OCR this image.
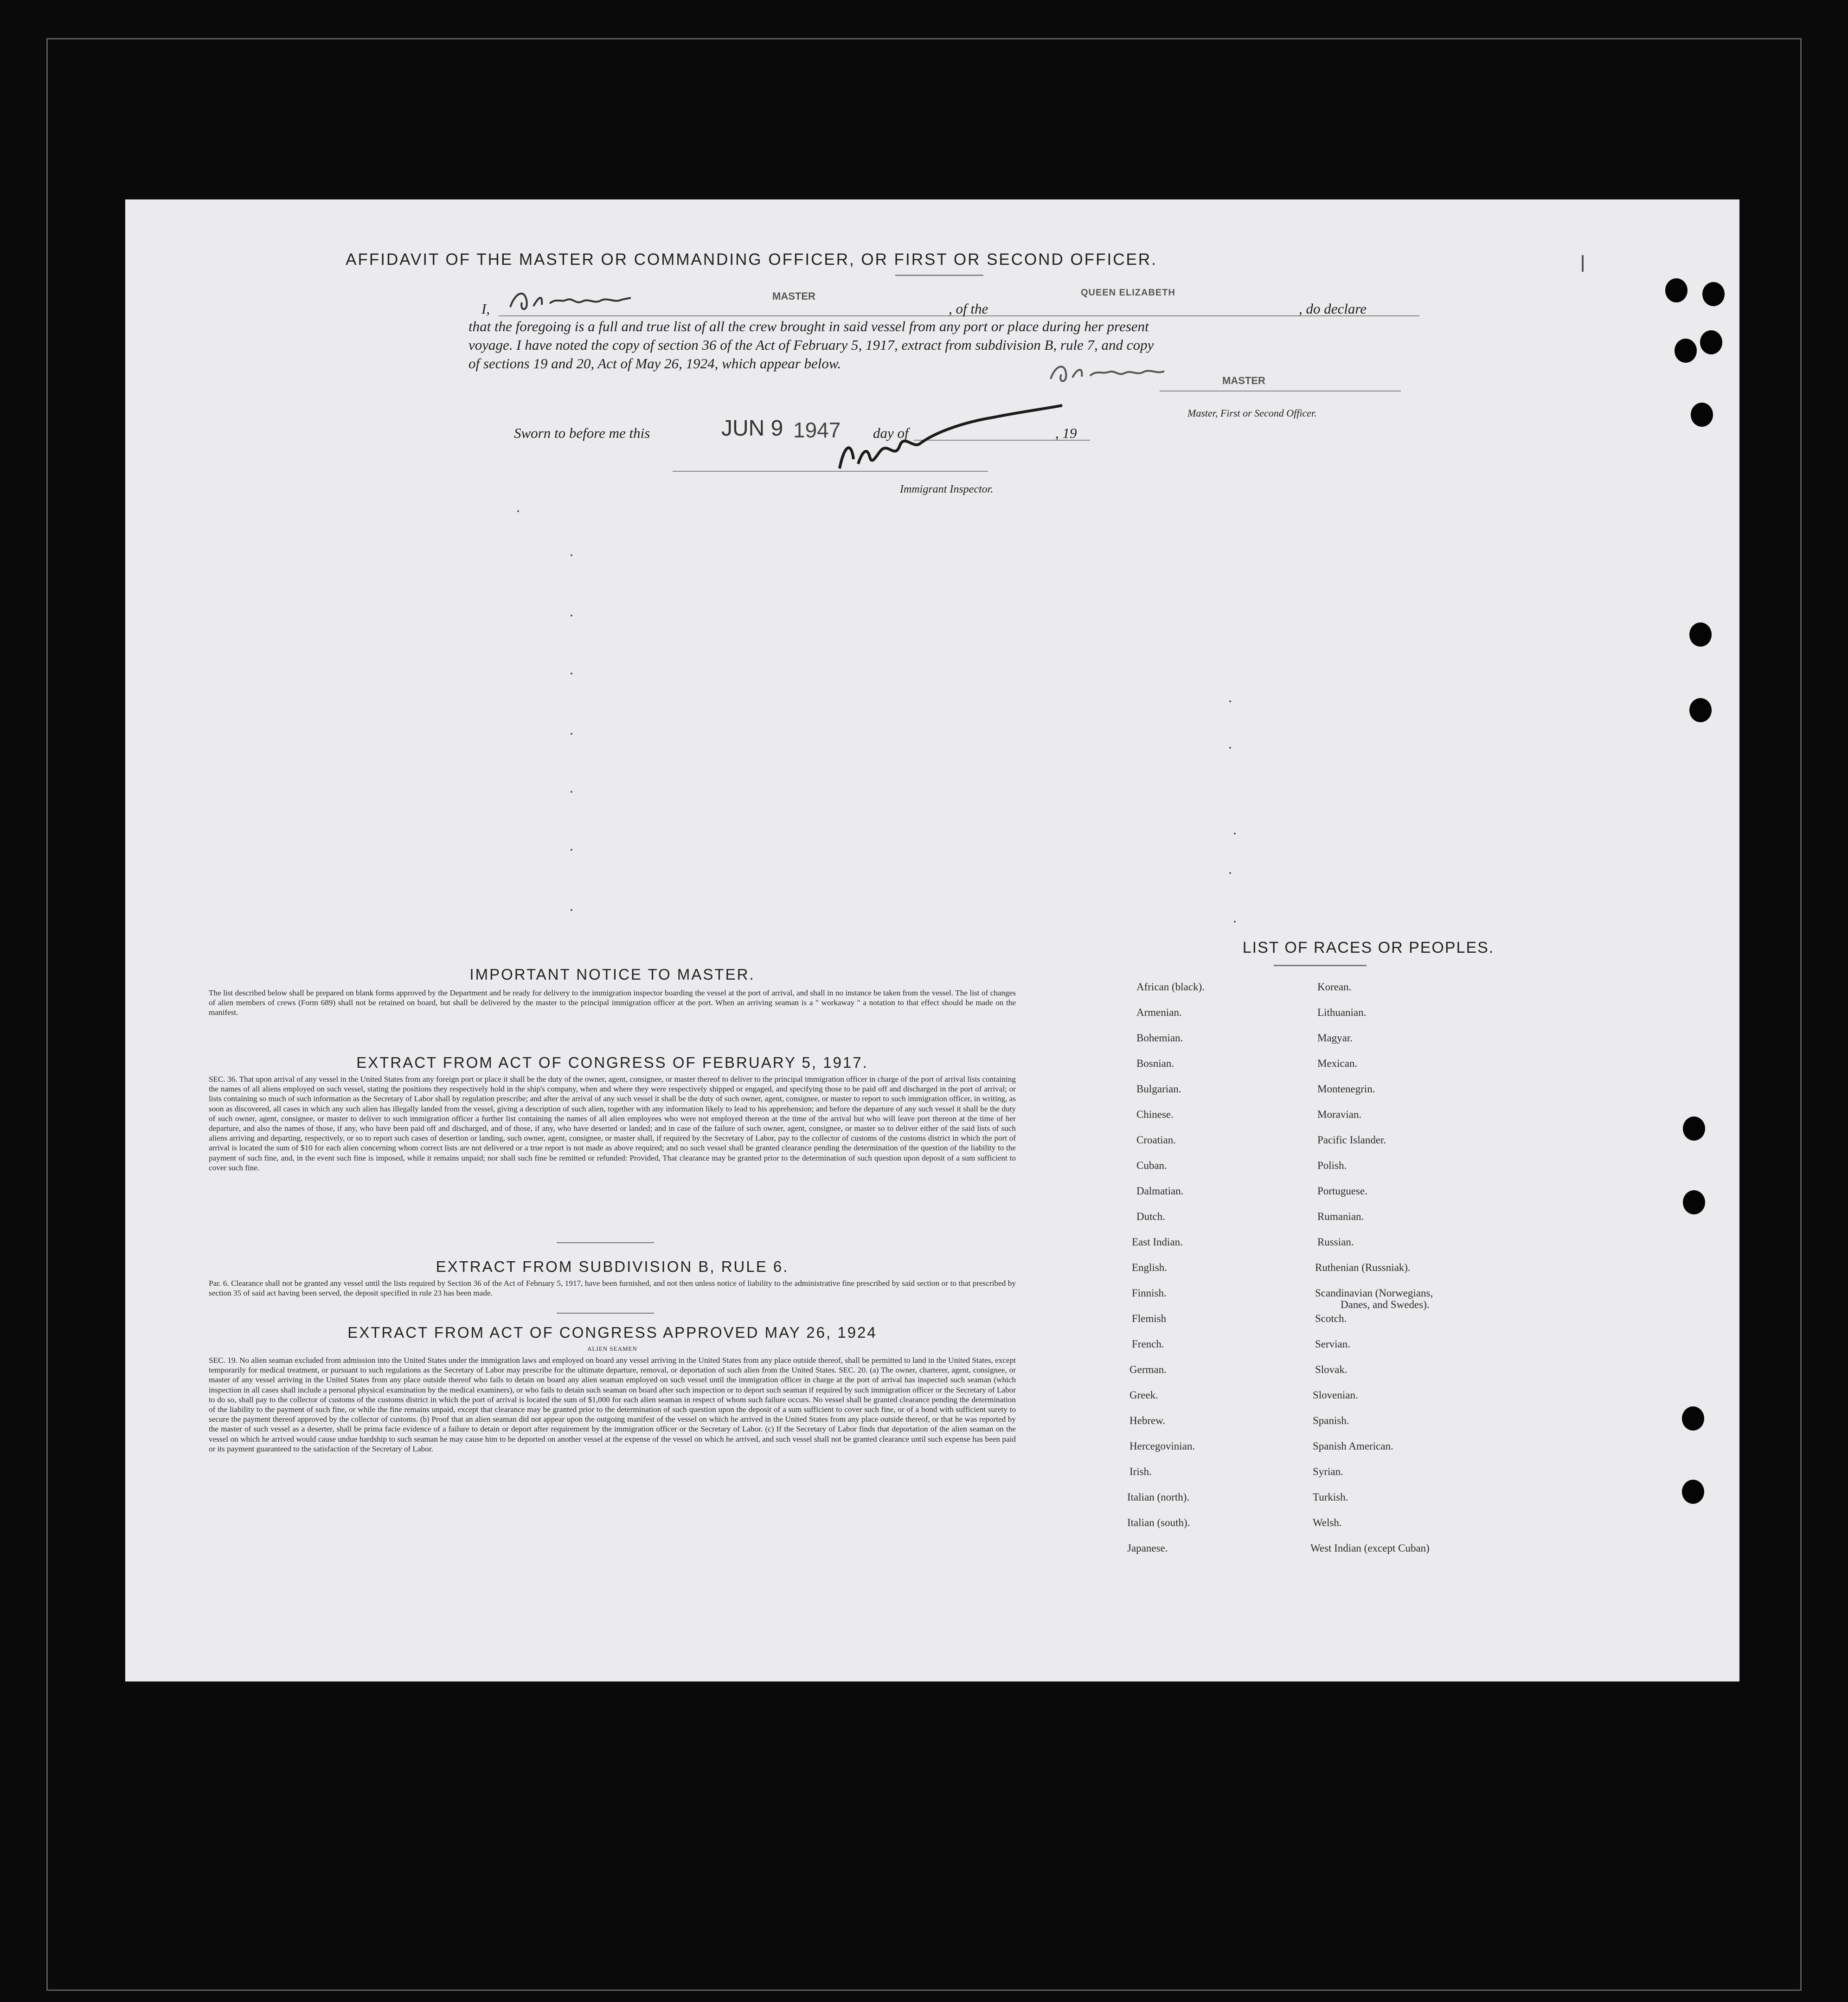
AFFIDAVIT OF THE MASTER OR COMMANDING OFFICER, OR FIRST OR SECOND OFFICER.
I,
MASTER
, of the
QUEEN ELIZABETH
, do declare
that the foregoing is a full and true list of all the crew brought in said vessel from any port or place during her present
voyage. I have noted the copy of section 36 of the Act of February 5, 1917, extract from subdivision B, rule 7, and copy
of sections 19 and 20, Act of May 26, 1924, which appear below.
MASTER
Master, First or Second Officer.
Sworn to before me this	JUN 9 1947 day of	, 19
Immigrant Inspector.
IMPORTANT NOTICE TO MASTER.
The list described below shall be prepared on blank forms approved by the Department and be ready for delivery to the immigration inspector boarding the vessel at the port of arrival, and shall in no instance be taken from the vessel. The list of changes of alien members of crews (Form 689) shall not be retained on board, but shall be delivered by the master to the principal immigration officer at the port. When an arriving seaman is a " workaway " a notation to that effect should be made on the manifest.
EXTRACT FROM ACT OF CONGRESS OF FEBRUARY 5, 1917.
SEC. 36. That upon arrival of any vessel in the United States from any foreign port or place it shall be the duty of the owner, agent, consignee, or master thereof to deliver to the principal immigration officer in charge of the port of arrival lists containing the names of all aliens employed on such vessel, stating the positions they respectively hold in the ship's company, when and where they were respectively shipped or engaged, and specifying those to be paid off and discharged in the port of arrival; or lists containing so much of such information as the Secretary of Labor shall by regulation prescribe; and after the arrival of any such vessel it shall be the duty of such owner, agent, consignee, or master to report to such immigration officer, in writing, as soon as discovered, all cases in which any such alien has illegally landed from the vessel, giving a description of such alien, together with any information likely to lead to his apprehension; and before the departure of any such vessel it shall be the duty of such owner, agent, consignee, or master to deliver to such immigration officer a further list containing the names of all alien employees who were not employed thereon at the time of the arrival but who will leave port thereon at the time of her departure, and also the names of those, if any, who have been paid off and discharged, and of those, if any, who have deserted or landed; and in case of the failure of such owner, agent, consignee, or master so to deliver either of the said lists of such aliens arriving and departing, respectively, or so to report such cases of desertion or landing, such owner, agent, consignee, or master shall, if required by the Secretary of Labor, pay to the collector of customs of the customs district in which the port of arrival is located the sum of $10 for each alien concerning whom correct lists are not delivered or a true report is not made as above required; and no such vessel shall be granted clearance pending the determination of the question of the liability to the payment of such fine, and, in the event such fine is imposed, while it remains unpaid; nor shall such fine be remitted or refunded: Provided, That clearance may be granted prior to the determination of such question upon deposit of a sum sufficient to cover such fine.
EXTRACT FROM SUBDIVISION B, RULE 6.
Par. 6. Clearance shall not be granted any vessel until the lists required by Section 36 of the Act of February 5, 1917, have been furnished, and not then unless notice of liability to the administrative fine prescribed by said section or to that prescribed by section 35 of said act having been served, the deposit specified in rule 23 has been made.
EXTRACT FROM ACT OF CONGRESS APPROVED MAY 26, 1924
ALIEN SEAMEN
SEC. 19. No alien seaman excluded from admission into the United States under the immigration laws and employed on board any vessel arriving in the United States from any place outside thereof, shall be permitted to land in the United States, except temporarily for medical treatment, or pursuant to such regulations as the Secretary of Labor may prescribe for the ultimate departure, removal, or deportation of such alien from the United States. SEC. 20. (a) The owner, charterer, agent, consignee, or master of any vessel arriving in the United States from any place outside thereof who fails to detain on board any alien seaman employed on such vessel until the immigration officer in charge at the port of arrival has inspected such seaman (which inspection in all cases shall include a personal physical examination by the medical examiners), or who fails to detain such seaman on board after such inspection or to deport such seaman if required by such immigration officer or the Secretary of Labor to do so, shall pay to the collector of customs of the customs district in which the port of arrival is located the sum of $1,000 for each alien seaman in respect of whom such failure occurs. No vessel shall be granted clearance pending the determination of the liability to the payment of such fine, or while the fine remains unpaid, except that clearance may be granted prior to the determination of such question upon the deposit of a sum sufficient to cover such fine, or of a bond with sufficient surety to secure the payment thereof approved by the collector of customs. (b) Proof that an alien seaman did not appear upon the outgoing manifest of the vessel on which he arrived in the United States from any place outside thereof, or that he was reported by the master of such vessel as a deserter, shall be prima facie evidence of a failure to detain or deport after requirement by the immigration officer or the Secretary of Labor. (c) If the Secretary of Labor finds that deportation of the alien seaman on the vessel on which he arrived would cause undue hardship to such seaman he may cause him to be deported on another vessel at the expense of the vessel on which he arrived, and such vessel shall not be granted clearance until such expense has been paid or its payment guaranteed to the satisfaction of the Secretary of Labor.
LIST OF RACES OR PEOPLES.
African (black).
Armenian.
Bohemian.
Bosnian.
Bulgarian.
Chinese.
Croatian.
Cuban.
Dalmatian.
Dutch.
East Indian.
English.
Finnish.
Flemish
French.
German.
Greek.
Hebrew.
Hercegovinian.
Irish.
Italian (north).
Italian (south).
Japanese.
Korean.
Lithuanian.
Magyar.
Mexican.
Montenegrin.
Moravian.
Pacific Islander.
Polish.
Portuguese.
Rumanian.
Russian.
Ruthenian (Russniak).
Scandinavian (Norwegians,
Danes, and Swedes).
Scotch.
Servian.
Slovak.
Slovenian.
Spanish.
Spanish American.
Syrian.
Turkish.
Welsh.
West Indian (except Cuban)
